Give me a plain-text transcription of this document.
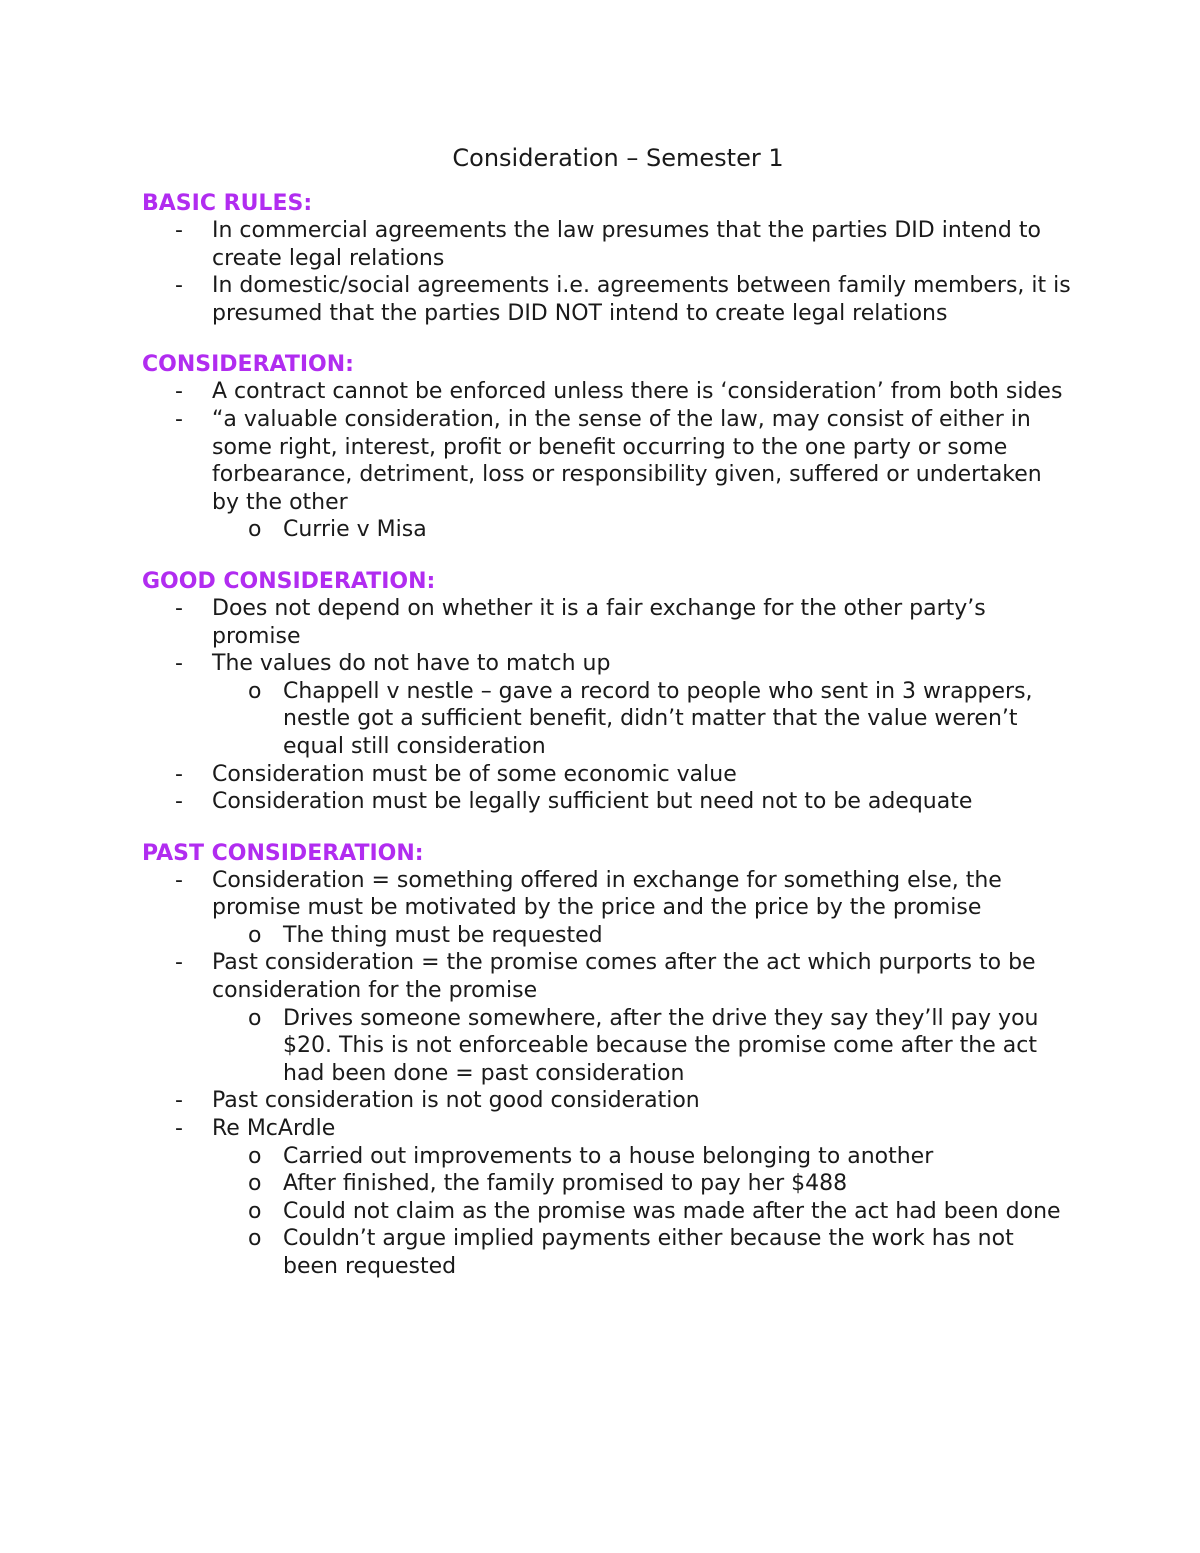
Consideration – Semester 1
BASIC RULES:
- In commercial agreements the law presumes that the parties DID intend to create legal relations
- In domestic/social agreements i.e. agreements between family members, it is presumed that the parties DID NOT intend to create legal relations
CONSIDERATION:
- A contract cannot be enforced unless there is ‘consideration’ from both sides
- “a valuable consideration, in the sense of the law, may consist of either in some right, interest, profit or benefit occurring to the one party or some forbearance, detriment, loss or responsibility given, suffered or undertaken by the other
o Currie v Misa
GOOD CONSIDERATION:
- Does not depend on whether it is a fair exchange for the other party’s promise
- The values do not have to match up
o Chappell v nestle – gave a record to people who sent in 3 wrappers, nestle got a sufficient benefit, didn’t matter that the value weren’t equal still consideration
- Consideration must be of some economic value
- Consideration must be legally sufficient but need not to be adequate
PAST CONSIDERATION:
- Consideration = something offered in exchange for something else, the promise must be motivated by the price and the price by the promise
o The thing must be requested
- Past consideration = the promise comes after the act which purports to be consideration for the promise
o Drives someone somewhere, after the drive they say they’ll pay you $20. This is not enforceable because the promise come after the act had been done = past consideration
- Past consideration is not good consideration
- Re McArdle
o Carried out improvements to a house belonging to another
o After finished, the family promised to pay her $488
o Could not claim as the promise was made after the act had been done
o Couldn’t argue implied payments either because the work has not been requested
